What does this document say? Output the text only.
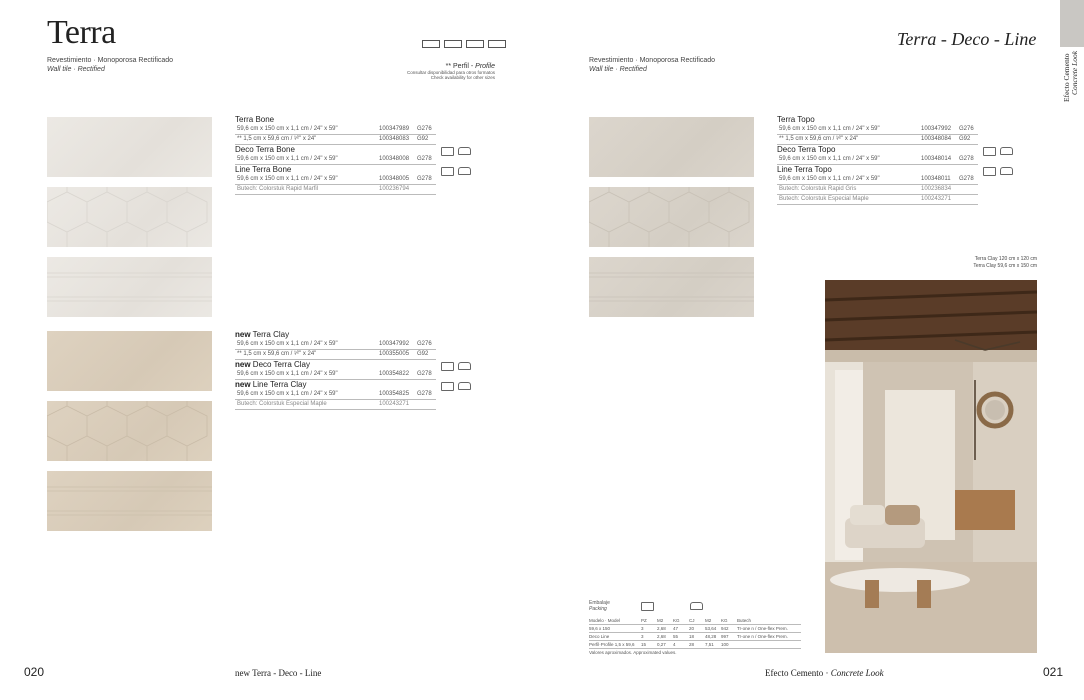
Terra
Revestimiento · Monoporosa Rectificado
Wall tile · Rectified	** Perfil - Profile
Consultar disponibilidad para otros formatos
Check availability for other sizes
Terra Bone
59,6 cm x 150 cm x 1,1 cm / 24" x 59"	100347989 G276
** 1,5 cm x 59,6 cm / ¹⁄²" x 24"	100348083 G92
Deco Terra Bone
59,6 cm x 150 cm x 1,1 cm / 24" x 59"	100348008 G278
Line Terra Bone
59,6 cm x 150 cm x 1,1 cm / 24" x 59"	100348005 G278
Butech: Colorstuk Rapid Marfil	100236794
new Terra Clay
59,6 cm x 150 cm x 1,1 cm / 24" x 59"	100347992 G276
** 1,5 cm x 59,6 cm / ¹⁄²" x 24"	100355005 G92
new Deco Terra Clay
59,6 cm x 150 cm x 1,1 cm / 24" x 59"	100354822 G278
new Line Terra Clay
59,6 cm x 150 cm x 1,1 cm / 24" x 59"	100354825 G278
Butech: Colorstuk Especial Maple	100243271
Terra Topo
59,6 cm x 150 cm x 1,1 cm / 24" x 59"	100347992 G276
** 1,5 cm x 59,6 cm / ¹⁄²" x 24"	100348084 G92
Deco Terra Topo
59,6 cm x 150 cm x 1,1 cm / 24" x 59"	100348014 G278
Line Terra Topo
59,6 cm x 150 cm x 1,1 cm / 24" x 59"	100348011 G278
Butech: Colorstuk Rapid Gris	100236834
Butech: Colorstuk Especial Maple	100243271
Revestimiento · Monoporosa Rectificado
Wall tile · Rectified
Terra - Deco - Line
Efecto Cemento Concrete Look
Terra Clay 120 cm x 120 cm
Terra Clay 59,6 cm x 150 cm
Embalaje
Packing
Modelo · Model	PZ	M2	KG	CJ	M2	KG	Butech
59,6 x 150	3	2,68	47	20	53,64	942	Tr-one n / One-flex Prem.
Deco Line	3	2,68	55	18	48,28	997	Tr-one n / One-flex Prem.
Perfil·Profile 1,5 x 59,6	15	0,27	4	28	7,51	100
Valores aproximados. Approximated values.
020	new Terra - Deco - Line	Efecto Cemento · Concrete Look	021
